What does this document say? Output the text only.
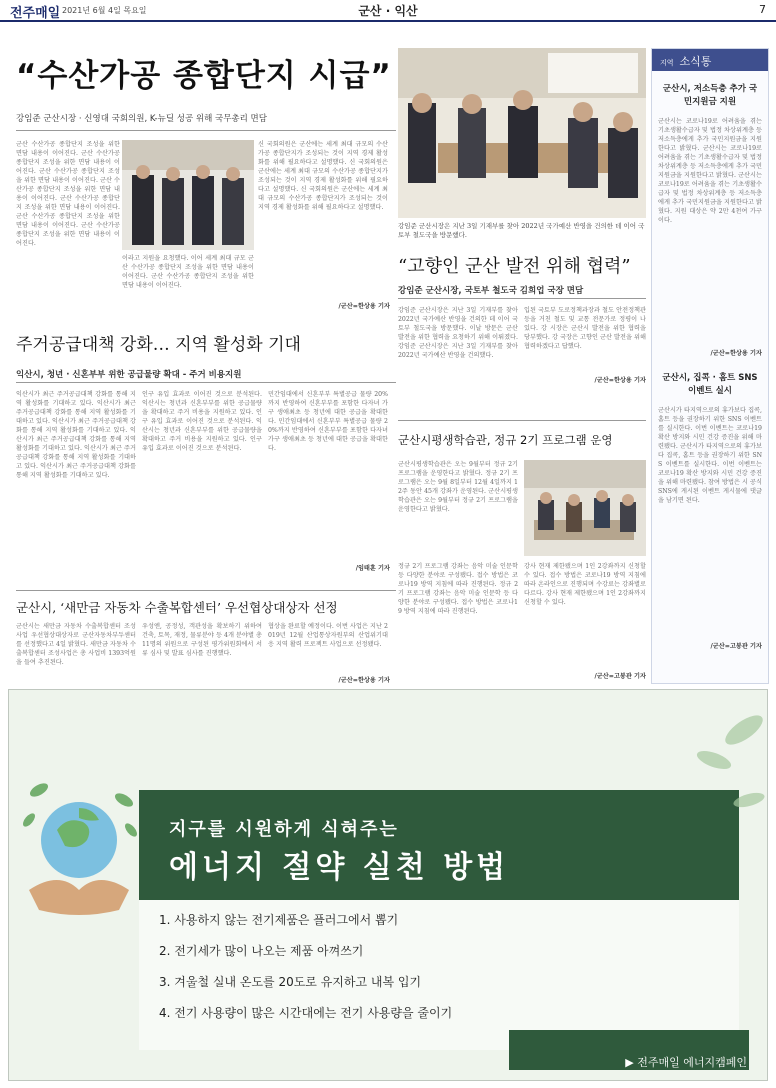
전주매일 2021년 6월 4일 목요일	군산 · 익산	7
“수산가공 종합단지 시급”
강임준 군산시장 · 신영대 국회의원, K-뉴딜 성공 위해 국무총리 면담
군산 수산가공 종합단지 조성을 위한 면담 내용이 이어진다. 군산 수산가공 종합단지 조성을 위한 면담 내용이 이어진다. 군산 수산가공 종합단지 조성을 위한 면담 내용이 이어진다. 군산 수산가공 종합단지 조성을 위한 면담 내용이 이어진다. 군산 수산가공 종합단지 조성을 위한 면담 내용이 이어진다. 군산 수산가공 종합단지 조성을 위한 면담 내용이 이어진다. 군산 수산가공 종합단지 조성을 위한 면담 내용이 이어진다.
이라고 지원을 요청했다. 이어 세계 최대 규모 군산 수산가공 종합단지 조성을 위한 면담 내용이 이어진다. 군산 수산가공 종합단지 조성을 위한 면담 내용이 이어진다.
신 국회의원은 군산에는 세계 최대 규모의 수산가공 종합단지가 조성되는 것이 지역 경제 활성화를 위해 필요하다고 설명했다. 신 국회의원은 군산에는 세계 최대 규모의 수산가공 종합단지가 조성되는 것이 지역 경제 활성화를 위해 필요하다고 설명했다. 신 국회의원은 군산에는 세계 최대 규모의 수산가공 종합단지가 조성되는 것이 지역 경제 활성화를 위해 필요하다고 설명했다.
/군산=한상용 기자
강임준 군산시장은 지난 3일 기재부를 찾아 2022년 국가예산 반영을 건의한 데 이어 국토부 철도국을 방문했다.
“고향인 군산 발전 위해 협력”
강임준 군산시장, 국토부 철도국 김희업 국장 면담
강임준 군산시장은 지난 3일 기재부를 찾아 2022년 국가예산 반영을 건의한 데 이어 국토부 철도국을 방문했다. 이날 방문은 군산 발전을 위한 협력을 요청하기 위해 이뤄졌다. 강임준 군산시장은 지난 3일 기재부를 찾아 2022년 국가예산 반영을 건의했다.
입된 국토부 도로정책과장과 철도 안전정책관 등을 거친 철도 및 교통 전문가로 정평이 나 있다. 강 시장은 군산시 발전을 위한 협력을 당부했다. 강 국장은 고향인 군산 발전을 위해 협력하겠다고 답했다.
/군산=한상용 기자
주거공급대책 강화… 지역 활성화 기대
익산시, 청년 · 신혼부부 위한 공급물량 확대 - 주거 비용지원
익산시가 최근 주거공급대책 강화를 통해 지역 활성화를 기대하고 있다. 익산시가 최근 주거공급대책 강화를 통해 지역 활성화를 기대하고 있다. 익산시가 최근 주거공급대책 강화를 통해 지역 활성화를 기대하고 있다. 익산시가 최근 주거공급대책 강화를 통해 지역 활성화를 기대하고 있다. 익산시가 최근 주거공급대책 강화를 통해 지역 활성화를 기대하고 있다. 익산시가 최근 주거공급대책 강화를 통해 지역 활성화를 기대하고 있다.
인구 유입 효과로 이어진 것으로 분석된다. 익산시는 청년과 신혼부부를 위한 공급물량을 확대하고 주거 비용을 지원하고 있다. 인구 유입 효과로 이어진 것으로 분석된다. 익산시는 청년과 신혼부부를 위한 공급물량을 확대하고 주거 비용을 지원하고 있다. 인구 유입 효과로 이어진 것으로 분석된다.
민간임대에서 신혼부부 특별공급 물량 20%까지 반영하여 신혼부부를 포함한 다자녀 가구 생애최초 등 청년에 대한 공급을 확대한다. 민간임대에서 신혼부부 특별공급 물량 20%까지 반영하여 신혼부부를 포함한 다자녀 가구 생애최초 등 청년에 대한 공급을 확대한다.
/임태훈 기자
군산시평생학습관, 정규 2기 프로그램 운영
군산시평생학습관은 오는 9월부터 정규 2기 프로그램을 운영한다고 밝혔다. 정규 2기 프로그램은 오는 9월 8일부터 12월 4일까지 12주 동안 45개 강좌가 운영된다. 군산시평생학습관은 오는 9월부터 정규 2기 프로그램을 운영한다고 밝혔다.
정규 2기 프로그램 강좌는 음악 미술 인문학 등 다양한 분야로 구성됐다. 접수 방법은 코로나19 방역 지침에 따라 진행된다. 정규 2기 프로그램 강좌는 음악 미술 인문학 등 다양한 분야로 구성됐다. 접수 방법은 코로나19 방역 지침에 따라 진행된다.
강사 현재 제한됐으며 1인 2강좌까지 신청할 수 있다. 접수 방법은 코로나19 방역 지침에 따라 온라인으로 진행되며 수강료는 강좌별로 다르다. 강사 현재 제한됐으며 1인 2강좌까지 신청할 수 있다.
/군산=고봉관 기자
군산시, ‘새만금 자동차 수출복합센터’ 우선협상대상자 선정
군산시는 새만금 자동차 수출복합센터 조성사업 우선협상대상자로 군산자동차부두센터를 선정했다고 4일 밝혔다. 새만금 자동차 수출복합센터 조성사업은 총 사업비 1393억원을 들여 추진된다.
우성엔, 공정성, 객관성을 확보하기 위하여 건축, 토목, 재정, 물류분야 등 4개 분야별 총 11명의 위원으로 구성된 평가위원회에서 서류 심사 및 발표 심사를 진행했다.
협상을 완료할 예정이다. 이번 사업은 지난 2019년 12월 산업통상자원부의 산업위기대응 지역 활력 프로젝트 사업으로 선정됐다.
/군산=한상용 기자
지역 소식통
군산시, 저소득층 추가 국민지원금 지원
군산시는 코로나19로 어려움을 겪는 기초생활수급자 및 법정 차상위계층 등 저소득층에게 추가 국민지원금을 지원한다고 밝혔다. 군산시는 코로나19로 어려움을 겪는 기초생활수급자 및 법정 차상위계층 등 저소득층에게 추가 국민지원금을 지원한다고 밝혔다. 군산시는 코로나19로 어려움을 겪는 기초생활수급자 및 법정 차상위계층 등 저소득층에게 추가 국민지원금을 지원한다고 밝혔다. 지원 대상은 약 2만 4천여 가구이다.
/군산=한상용 기자
군산시, 집콕 · 홈트 SNS 이벤트 실시
군산시가 타지역으로의 휴가보다 집콕, 홈트 등을 권장하기 위한 SNS 이벤트를 실시한다. 이번 이벤트는 코로나19 확산 방지와 시민 건강 증진을 위해 마련됐다. 군산시가 타지역으로의 휴가보다 집콕, 홈트 등을 권장하기 위한 SNS 이벤트를 실시한다. 이번 이벤트는 코로나19 확산 방지와 시민 건강 증진을 위해 마련됐다. 참여 방법은 시 공식 SNS에 게시된 이벤트 게시물에 댓글을 남기면 된다.
/군산=고봉관 기자
지구를 시원하게 식혀주는
에너지 절약 실천 방법
1. 사용하지 않는 전기제품은 플러그에서 뽑기
2. 전기세가 많이 나오는 제품 아껴쓰기
3. 겨울철 실내 온도를 20도로 유지하고 내복 입기
4. 전기 사용량이 많은 시간대에는 전기 사용량을 줄이기
▶ 전주매일 에너지캠페인
